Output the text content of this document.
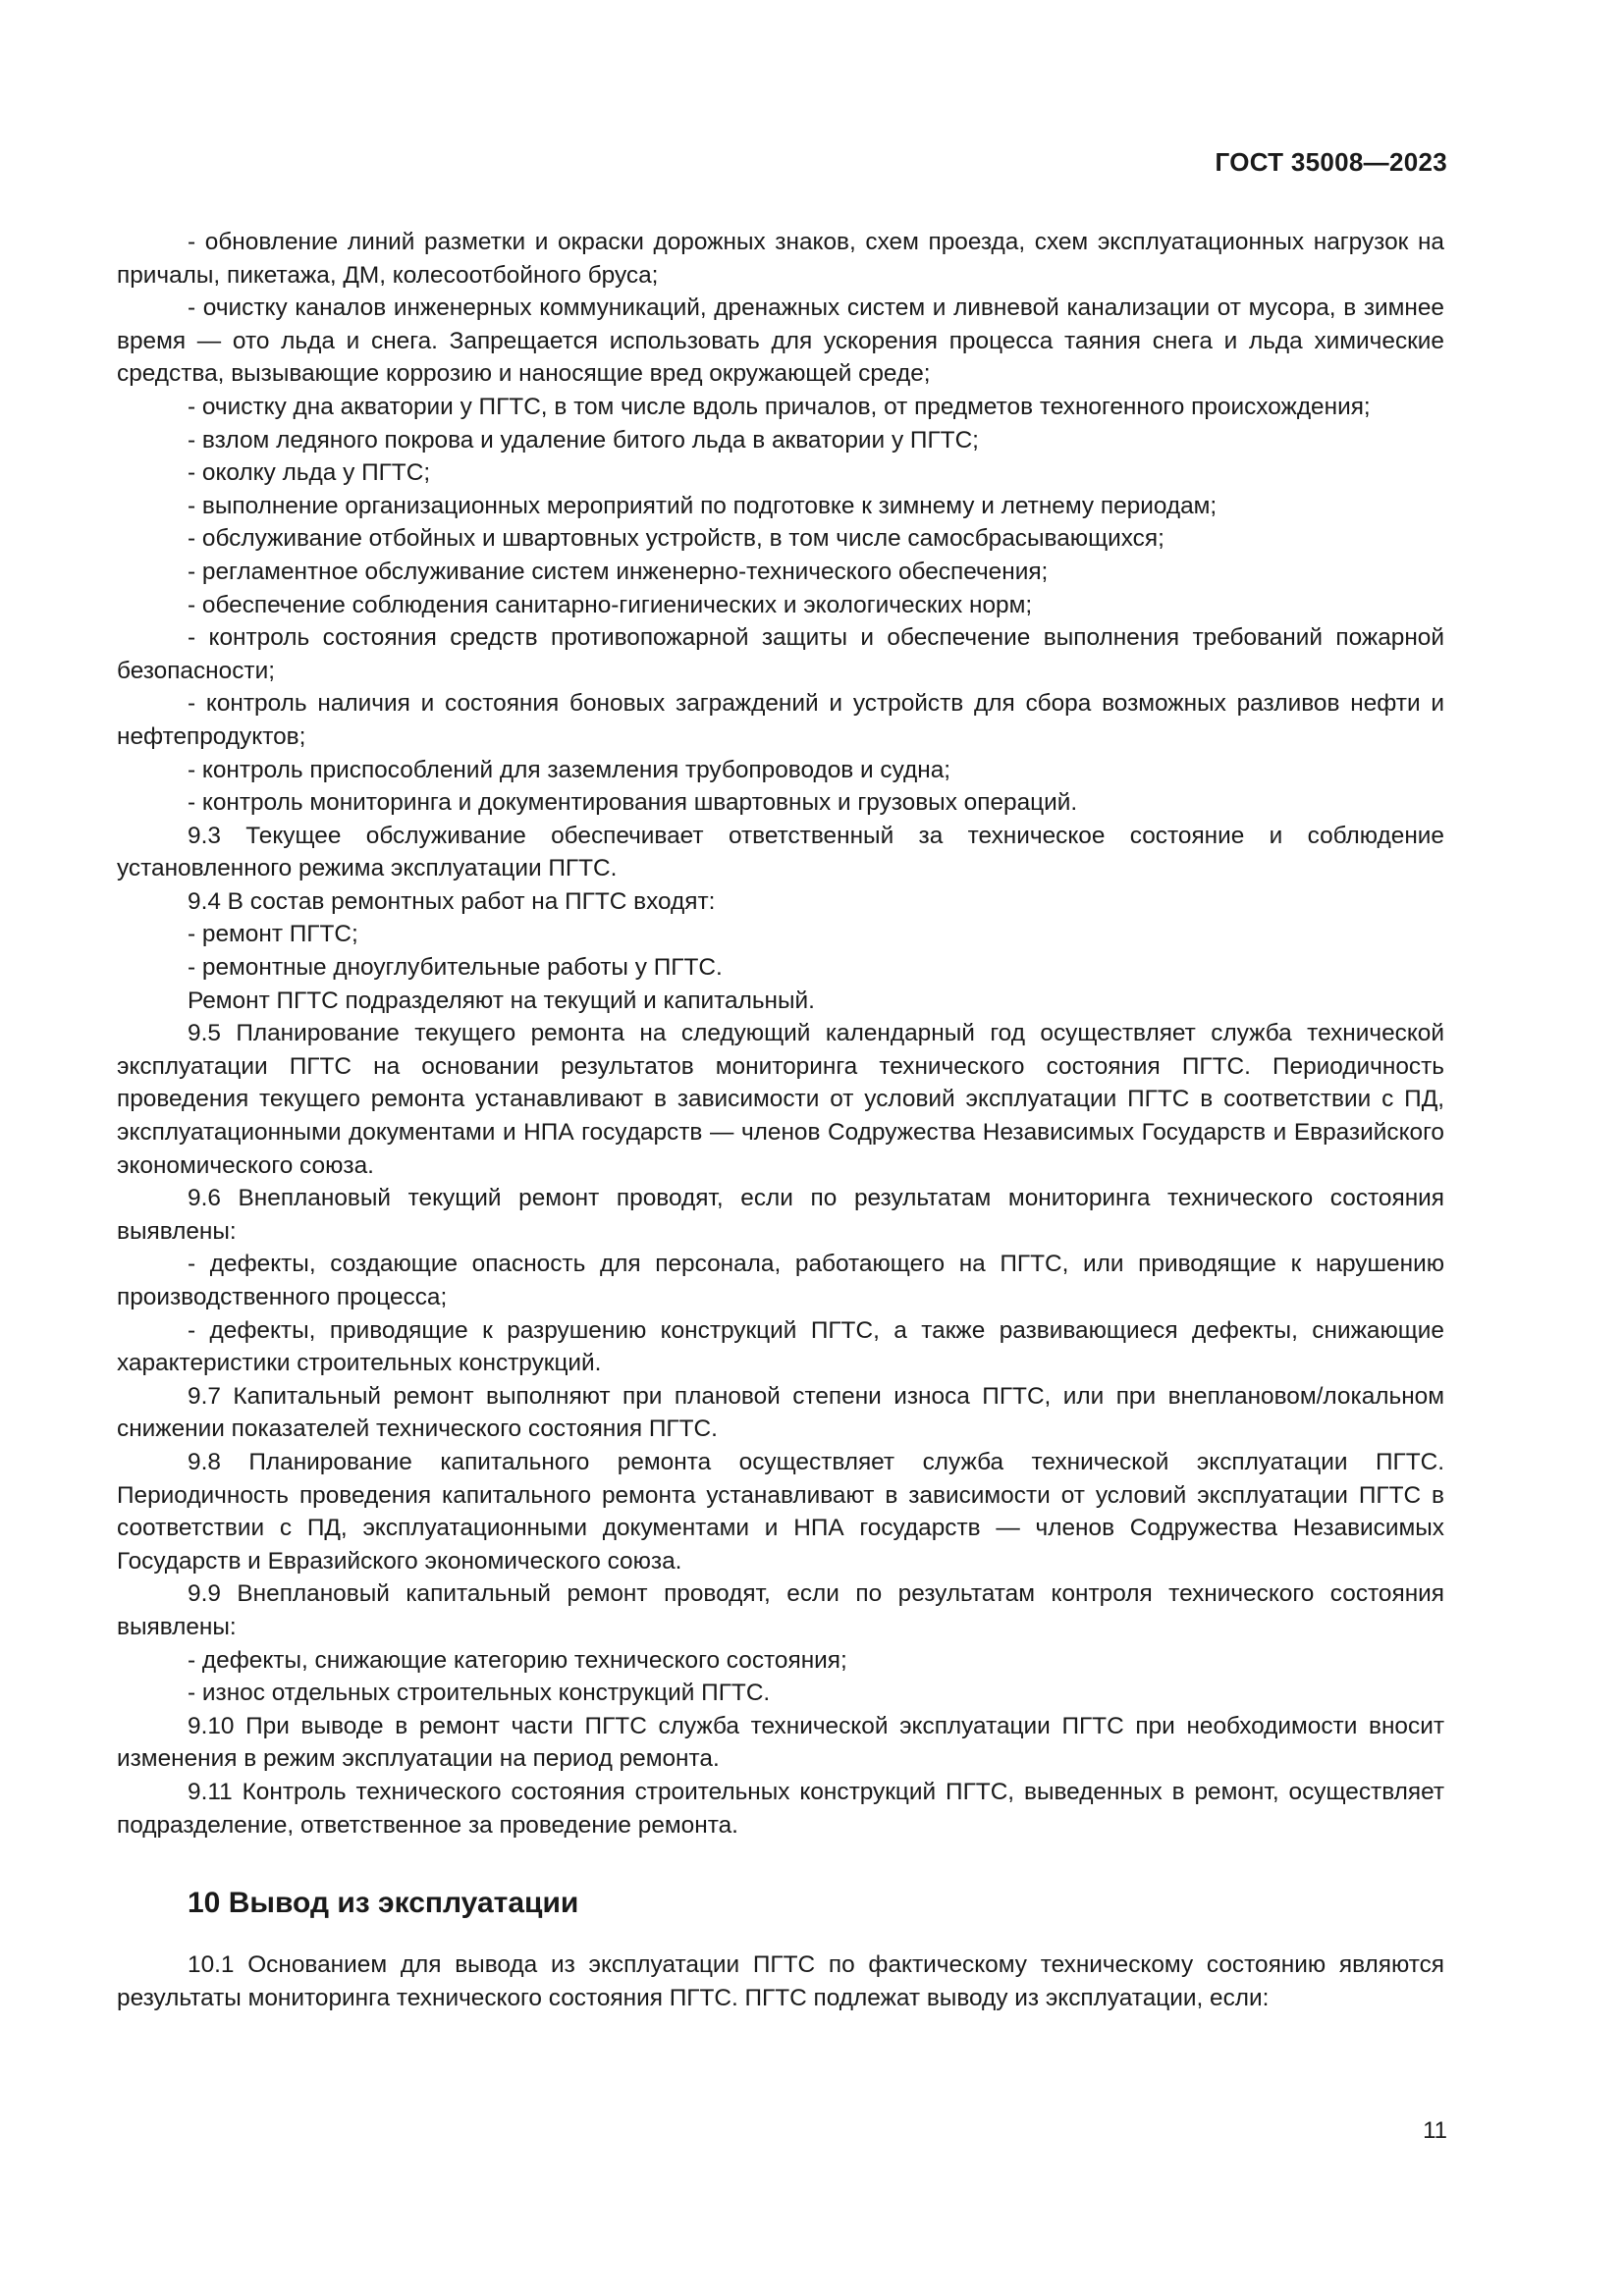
ГОСТ 35008—2023

- обновление линий разметки и окраски дорожных знаков, схем проезда, схем эксплуатационных нагрузок на причалы, пикетажа, ДМ, колесоотбойного бруса;

- очистку каналов инженерных коммуникаций, дренажных систем и ливневой канализации от мусора, в зимнее время — ото льда и снега. Запрещается использовать для ускорения процесса таяния снега и льда химические средства, вызывающие коррозию и наносящие вред окружающей среде;

- очистку дна акватории у ПГТС, в том числе вдоль причалов, от предметов техногенного происхождения;

- взлом ледяного покрова и удаление битого льда в акватории у ПГТС;

- околку льда у ПГТС;

- выполнение организационных мероприятий по подготовке к зимнему и летнему периодам;

- обслуживание отбойных и швартовных устройств, в том числе самосбрасывающихся;

- регламентное обслуживание систем инженерно-технического обеспечения;

- обеспечение соблюдения санитарно-гигиенических и экологических норм;

- контроль состояния средств противопожарной защиты и обеспечение выполнения требований пожарной безопасности;

- контроль наличия и состояния боновых заграждений и устройств для сбора возможных разливов нефти и нефтепродуктов;

- контроль приспособлений для заземления трубопроводов и судна;

- контроль мониторинга и документирования швартовных и грузовых операций.

9.3 Текущее обслуживание обеспечивает ответственный за техническое состояние и соблюдение установленного режима эксплуатации ПГТС.

9.4 В состав ремонтных работ на ПГТС входят:

- ремонт ПГТС;

- ремонтные дноуглубительные работы у ПГТС.

Ремонт ПГТС подразделяют на текущий и капитальный.

9.5 Планирование текущего ремонта на следующий календарный год осуществляет служба технической эксплуатации ПГТС на основании результатов мониторинга технического состояния ПГТС. Периодичность проведения текущего ремонта устанавливают в зависимости от условий эксплуатации ПГТС в соответствии с ПД, эксплуатационными документами и НПА государств — членов Содружества Независимых Государств и Евразийского экономического союза.

9.6 Внеплановый текущий ремонт проводят, если по результатам мониторинга технического состояния выявлены:

- дефекты, создающие опасность для персонала, работающего на ПГТС, или приводящие к нарушению производственного процесса;

- дефекты, приводящие к разрушению конструкций ПГТС, а также развивающиеся дефекты, снижающие характеристики строительных конструкций.

9.7 Капитальный ремонт выполняют при плановой степени износа ПГТС, или при внеплановом/локальном снижении показателей технического состояния ПГТС.

9.8 Планирование капитального ремонта осуществляет служба технической эксплуатации ПГТС. Периодичность проведения капитального ремонта устанавливают в зависимости от условий эксплуатации ПГТС в соответствии с ПД, эксплуатационными документами и НПА государств — членов Содружества Независимых Государств и Евразийского экономического союза.

9.9 Внеплановый капитальный ремонт проводят, если по результатам контроля технического состояния выявлены:

- дефекты, снижающие категорию технического состояния;

- износ отдельных строительных конструкций ПГТС.

9.10 При выводе в ремонт части ПГТС служба технической эксплуатации ПГТС при необходимости вносит изменения в режим эксплуатации на период ремонта.

9.11 Контроль технического состояния строительных конструкций ПГТС, выведенных в ремонт, осуществляет подразделение, ответственное за проведение ремонта.

10 Вывод из эксплуатации

10.1 Основанием для вывода из эксплуатации ПГТС по фактическому техническому состоянию являются результаты мониторинга технического состояния ПГТС. ПГТС подлежат выводу из эксплуатации, если:

11
